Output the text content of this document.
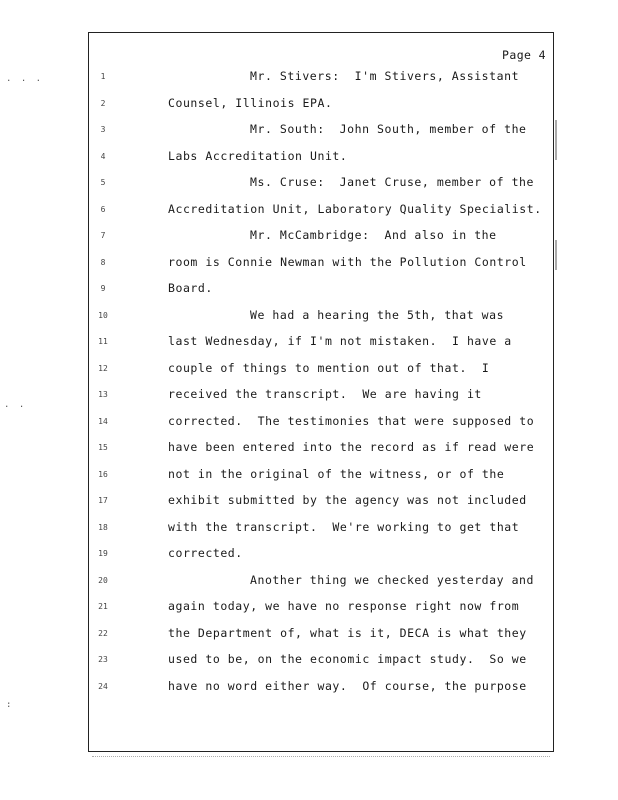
Page 4
. . .
. .
:
1	Mr. Stivers:  I'm Stivers, Assistant
2	Counsel, Illinois EPA.
3	Mr. South:  John South, member of the
4	Labs Accreditation Unit.
5	Ms. Cruse:  Janet Cruse, member of the
6	Accreditation Unit, Laboratory Quality Specialist.
7	Mr. McCambridge:  And also in the
8	room is Connie Newman with the Pollution Control
9	Board.
10	We had a hearing the 5th, that was
11	last Wednesday, if I'm not mistaken.  I have a
12	couple of things to mention out of that.  I
13	received the transcript.  We are having it
14	corrected.  The testimonies that were supposed to
15	have been entered into the record as if read were
16	not in the original of the witness, or of the
17	exhibit submitted by the agency was not included
18	with the transcript.  We're working to get that
19	corrected.
20	Another thing we checked yesterday and
21	again today, we have no response right now from
22	the Department of, what is it, DECA is what they
23	used to be, on the economic impact study.  So we
24	have no word either way.  Of course, the purpose
